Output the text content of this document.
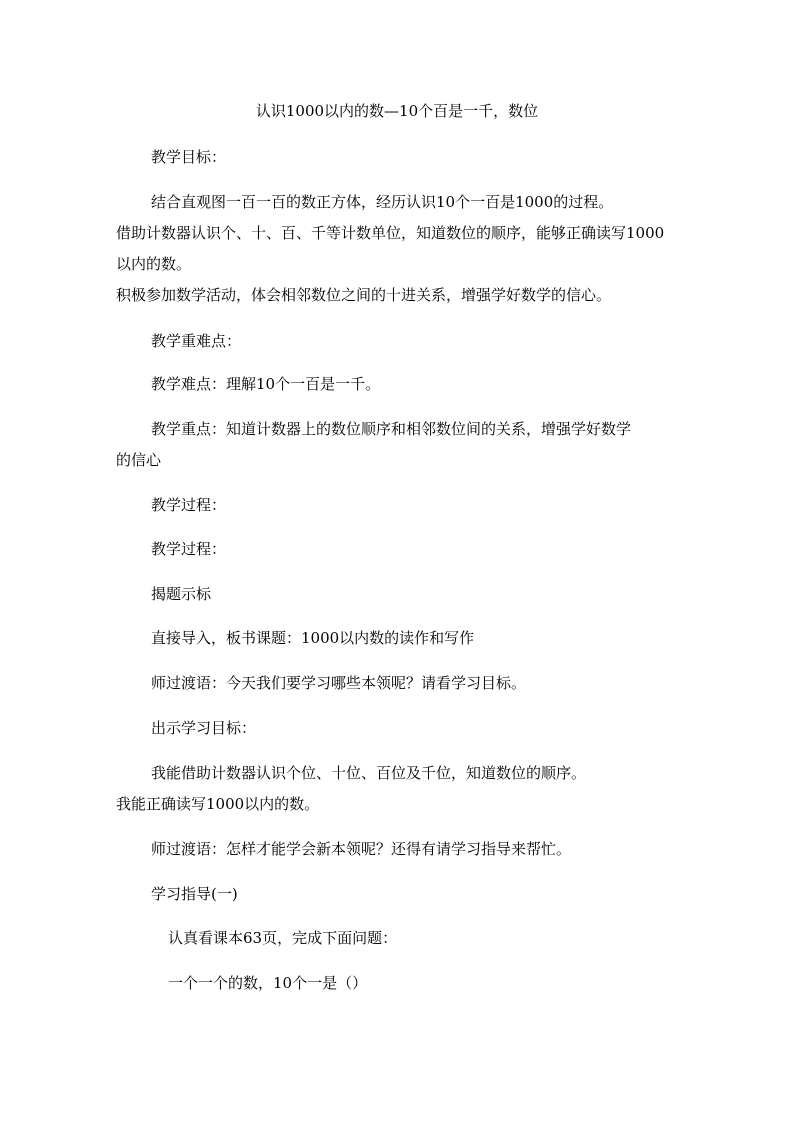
认识1000以内的数—10个百是一千，数位
教学目标：
结合直观图一百一百的数正方体，经历认识10个一百是1000的过程。
借助计数器认识个、十、百、千等计数单位，知道数位的顺序，能够正确读写1000
以内的数。
积极参加数学活动，体会相邻数位之间的十进关系，增强学好数学的信心。
教学重难点：
教学难点：理解10个一百是一千。
教学重点：知道计数器上的数位顺序和相邻数位间的关系，增强学好数学
的信心
教学过程：
教学过程：
揭题示标
直接导入，板书课题：1000以内数的读作和写作
师过渡语：今天我们要学习哪些本领呢？请看学习目标。
出示学习目标：
我能借助计数器认识个位、十位、百位及千位，知道数位的顺序。
我能正确读写1000以内的数。
师过渡语：怎样才能学会新本领呢？还得有请学习指导来帮忙。
学习指导(一)
认真看课本63页，完成下面问题：
一个一个的数，10个一是（）
